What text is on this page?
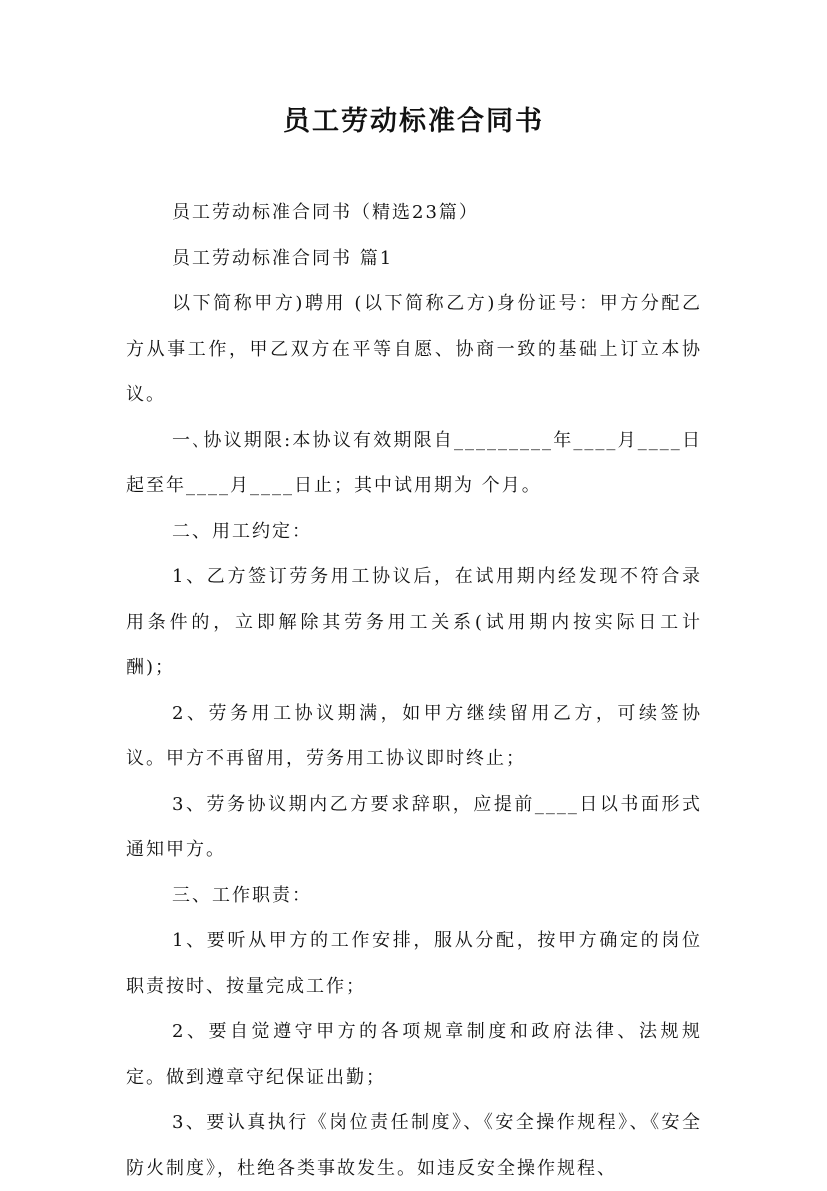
员工劳动标准合同书

员工劳动标准合同书（精选23篇）

员工劳动标准合同书 篇1

以下简称甲方)聘用 (以下简称乙方)身份证号：甲方分配乙方从事工作，甲乙双方在平等自愿、协商一致的基础上订立本协议。

一､协议期限:本协议有效期限自_________年____月____日起至年____月____日止；其中试用期为 个月。

二、用工约定：

1、乙方签订劳务用工协议后，在试用期内经发现不符合录用条件的，立即解除其劳务用工关系(试用期内按实际日工计酬)；

2、劳务用工协议期满，如甲方继续留用乙方，可续签协议。甲方不再留用，劳务用工协议即时终止；

3、劳务协议期内乙方要求辞职，应提前____日以书面形式通知甲方。

三、工作职责：

1、要听从甲方的工作安排，服从分配，按甲方确定的岗位职责按时、按量完成工作；

2、要自觉遵守甲方的各项规章制度和政府法律、法规规定。做到遵章守纪保证出勤；

3、要认真执行《岗位责任制度》、《安全操作规程》、《安全防火制度》，杜绝各类事故发生。如违反安全操作规程、
